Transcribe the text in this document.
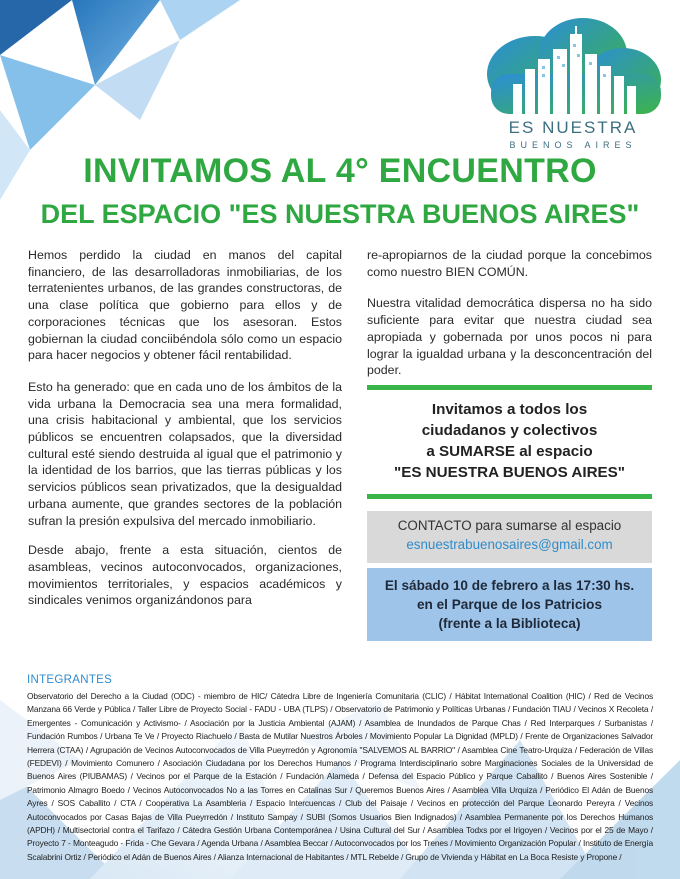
ES NUESTRA
BUENOS AIRES
INVITAMOS AL 4° ENCUENTRO
DEL ESPACIO "ES NUESTRA BUENOS AIRES"

Hemos perdido la ciudad en manos del capital financiero, de las desarrolladoras inmobiliarias, de los terratenientes urbanos, de las grandes constructoras, de una clase política que gobierno para ellos y de corporaciones técnicas que los asesoran. Estos gobiernan la ciudad conciibéndola sólo como un espacio para hacer negocios y obtener fácil rentabilidad.

Esto ha generado: que en cada uno de los ámbitos de la vida urbana la Democracia sea una mera formalidad, una crisis habitacional y ambiental, que los servicios públicos se encuentren colapsados, que la diversidad cultural esté siendo destruida al igual que el patrimonio y la identidad de los barrios, que las tierras públicas y los servicios públicos sean privatizados, que la desigualdad urbana aumente, que grandes sectores de la población sufran la presión expulsiva del mercado inmobiliario.

Desde abajo, frente a esta situación, cientos de asambleas, vecinos autoconvocados, organizaciones, movimientos territoriales, y espacios académicos y sindicales venimos organizándonos para

re-apropiarnos de la ciudad porque la concebimos como nuestro BIEN COMÚN.

Nuestra vitalidad democrática dispersa no ha sido suficiente para evitar que nuestra ciudad sea apropiada y gobernada por unos pocos ni para lograr la igualdad urbana y la desconcentración del poder.

Invitamos a todos los
ciudadanos y colectivos
a SUMARSE al espacio
"ES NUESTRA BUENOS AIRES"
CONTACTO para sumarse al espacio
esnuestrabuenosaires@gmail.com
El sábado 10 de febrero a las 17:30 hs.
en el Parque de los Patricios
(frente a la Biblioteca)
INTEGRANTES

Observatorio del Derecho a la Ciudad (ODC) - miembro de HIC/ Cátedra Libre de Ingeniería Comunitaria (CLIC) / Hábitat International Coalition (HIC) / Red de Vecinos Manzana 66 Verde y Pública / Taller Libre de Proyecto Social - FADU - UBA (TLPS) / Observatorio de Patrimonio y Políticas Urbanas / Fundación TIAU / Vecinos X Recoleta / Emergentes - Comunicación y Activismo- / Asociación por la Justicia Ambiental (AJAM) / Asamblea de Inundados de Parque Chas / Red Interparques / Surbanistas / Fundación Rumbos / Urbana Te Ve / Proyecto Riachuelo / Basta de Mutilar Nuestros Árboles / Movimiento Popular La Dignidad (MPLD) / Frente de Organizaciones Salvador Herrera (CTAA) / Agrupación de Vecinos Autoconvocados de Villa Pueyrredón y Agronomía "SALVEMOS AL BARRIO" / Asamblea Cine Teatro-Urquiza / Federación de Villas (FEDEVI) / Movimiento Comunero / Asociación Ciudadana por los Derechos Humanos / Programa Interdisciplinario sobre Marginaciones Sociales de la Universidad de Buenos Aires (PIUBAMAS) / Vecinos por el Parque de la Estación / Fundación Alameda / Defensa del Espacio Público y Parque Caballito / Buenos Aires Sostenible / Patrimonio Almagro Boedo / Vecinos Autoconvocados No a las Torres en Catalinas Sur / Queremos Buenos Aires / Asamblea Villa Urquiza / Periódico El Adán de Buenos Ayres / SOS Caballito / CTA / Cooperativa La Asambleria / Espacio Intercuencas / Club del Paisaje / Vecinos en protección del Parque Leonardo Pereyra / Vecinos Autoconvocados por Casas Bajas de Villa Pueyrredón / Instituto Sampay / SUBI (Somos Usuarios Bien Indignados) / Asamblea Permanente por los Derechos Humanos (APDH) / Multisectorial contra el Tarifazo / Cátedra Gestión Urbana Contemporánea / Usina Cultural del Sur / Asamblea Todxs por el Irigoyen / Vecinos por el 25 de Mayo / Proyecto 7 - Monteagudo - Frida - Che Gevara / Agenda Urbana / Asamblea Beccar / Autoconvocados por los Trenes / Movimiento Organización Popular / Instituto de Energía Scalabrini Ortiz / Periódico el Adán de Buenos Aires / Alianza Internacional de Habitantes / MTL Rebelde / Grupo de Vivienda y Hábitat en La Boca Resiste y Propone /
